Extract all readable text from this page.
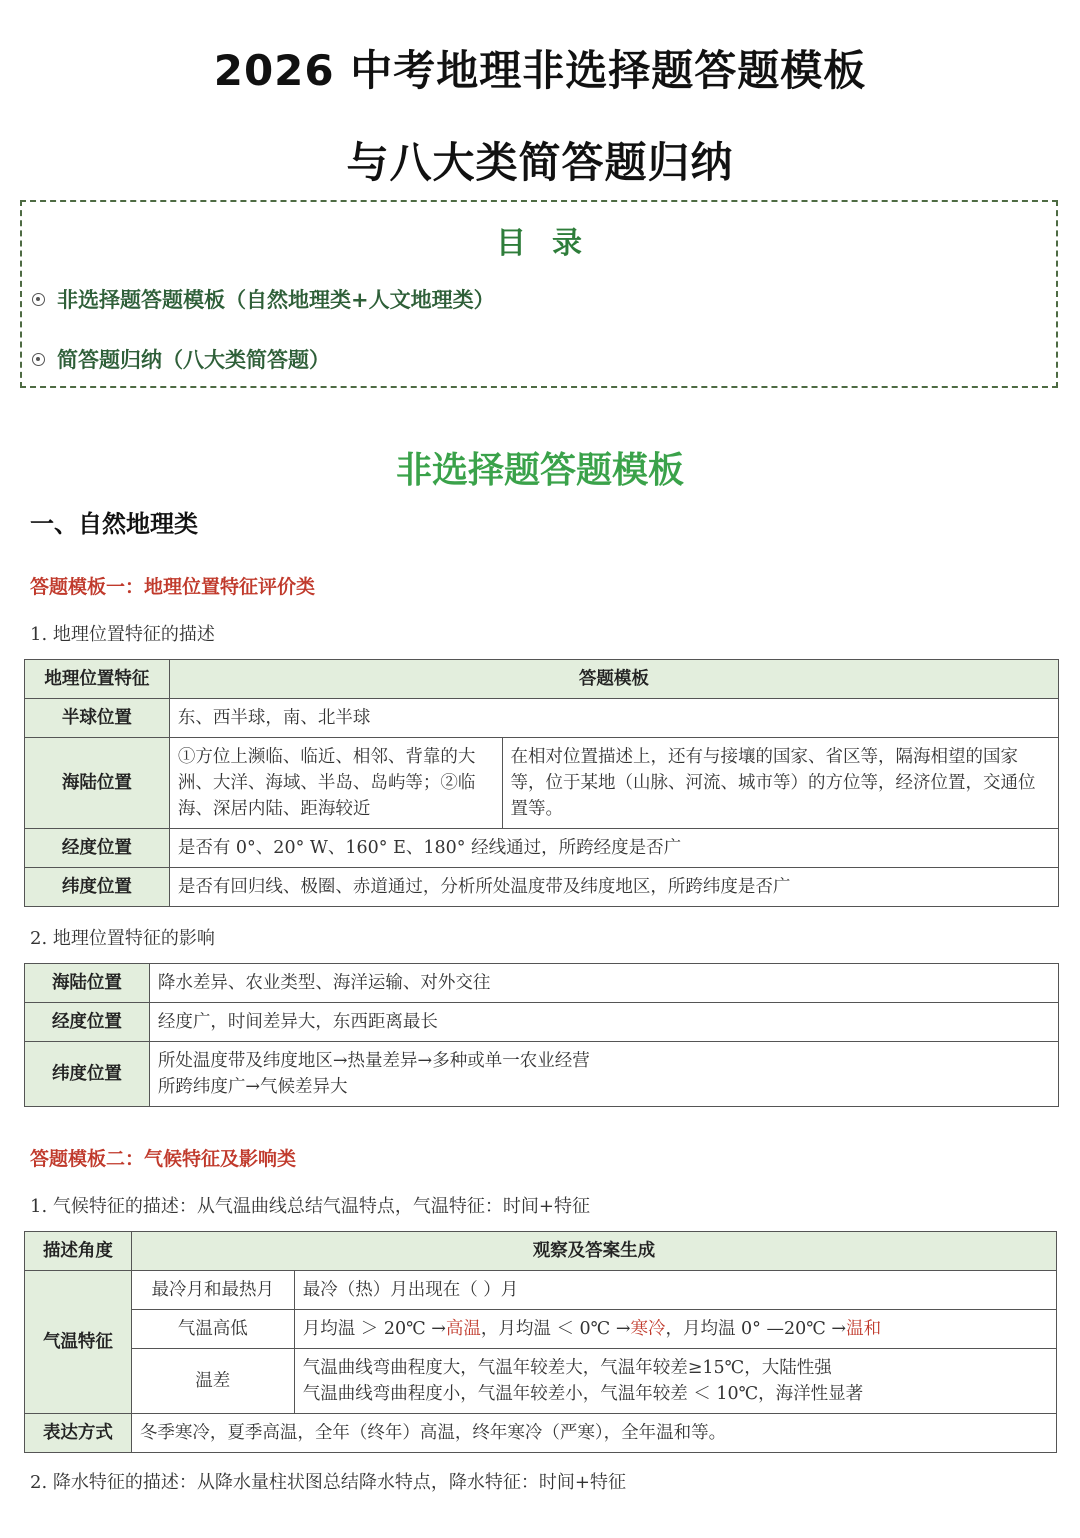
2026 中考地理非选择题答题模板
与八大类简答题归纳
目录
非选择题答题模板（自然地理类+人文地理类）
简答题归纳（八大类简答题）
非选择题答题模板
一、自然地理类
答题模板一：地理位置特征评价类
1. 地理位置特征的描述
地理位置特征	答题模板	
半球位置	东、西半球，南、北半球	
海陆位置	①方位上濒临、临近、相邻、背靠的大洲、大洋、海域、半岛、岛屿等；②临海、深居内陆、距海较近	在相对位置描述上，还有与接壤的国家、省区等，隔海相望的国家等，位于某地（山脉、河流、城市等）的方位等，经济位置，交通位置等。
经度位置	是否有 0°、20° W、160° E、180° 经线通过，所跨经度是否广	
纬度位置	是否有回归线、极圈、赤道通过，分析所处温度带及纬度地区，所跨纬度是否广	
2. 地理位置特征的影响
海陆位置	降水差异、农业类型、海洋运输、对外交往
经度位置	经度广，时间差异大，东西距离最长
纬度位置	所处温度带及纬度地区→热量差异→多种或单一农业经营
所跨纬度广→气候差异大
答题模板二：气候特征及影响类
1. 气候特征的描述：从气温曲线总结气温特点，气温特征：时间+特征
描述角度	观察及答案生成	
气温特征	最冷月和最热月	最冷（热）月出现在（ ）月
	气温高低	月均温 ＞ 20℃ →高温，月均温 ＜ 0℃ →寒冷，月均温 0° —20℃ →温和
	温差	气温曲线弯曲程度大，气温年较差大，气温年较差≥15℃，大陆性强
气温曲线弯曲程度小，气温年较差小，气温年较差 ＜ 10℃，海洋性显著

表达方式	冬季寒冷，夏季高温，全年（终年）高温，终年寒冷（严寒），全年温和等。	
2. 降水特征的描述：从降水量柱状图总结降水特点，降水特征：时间+特征
